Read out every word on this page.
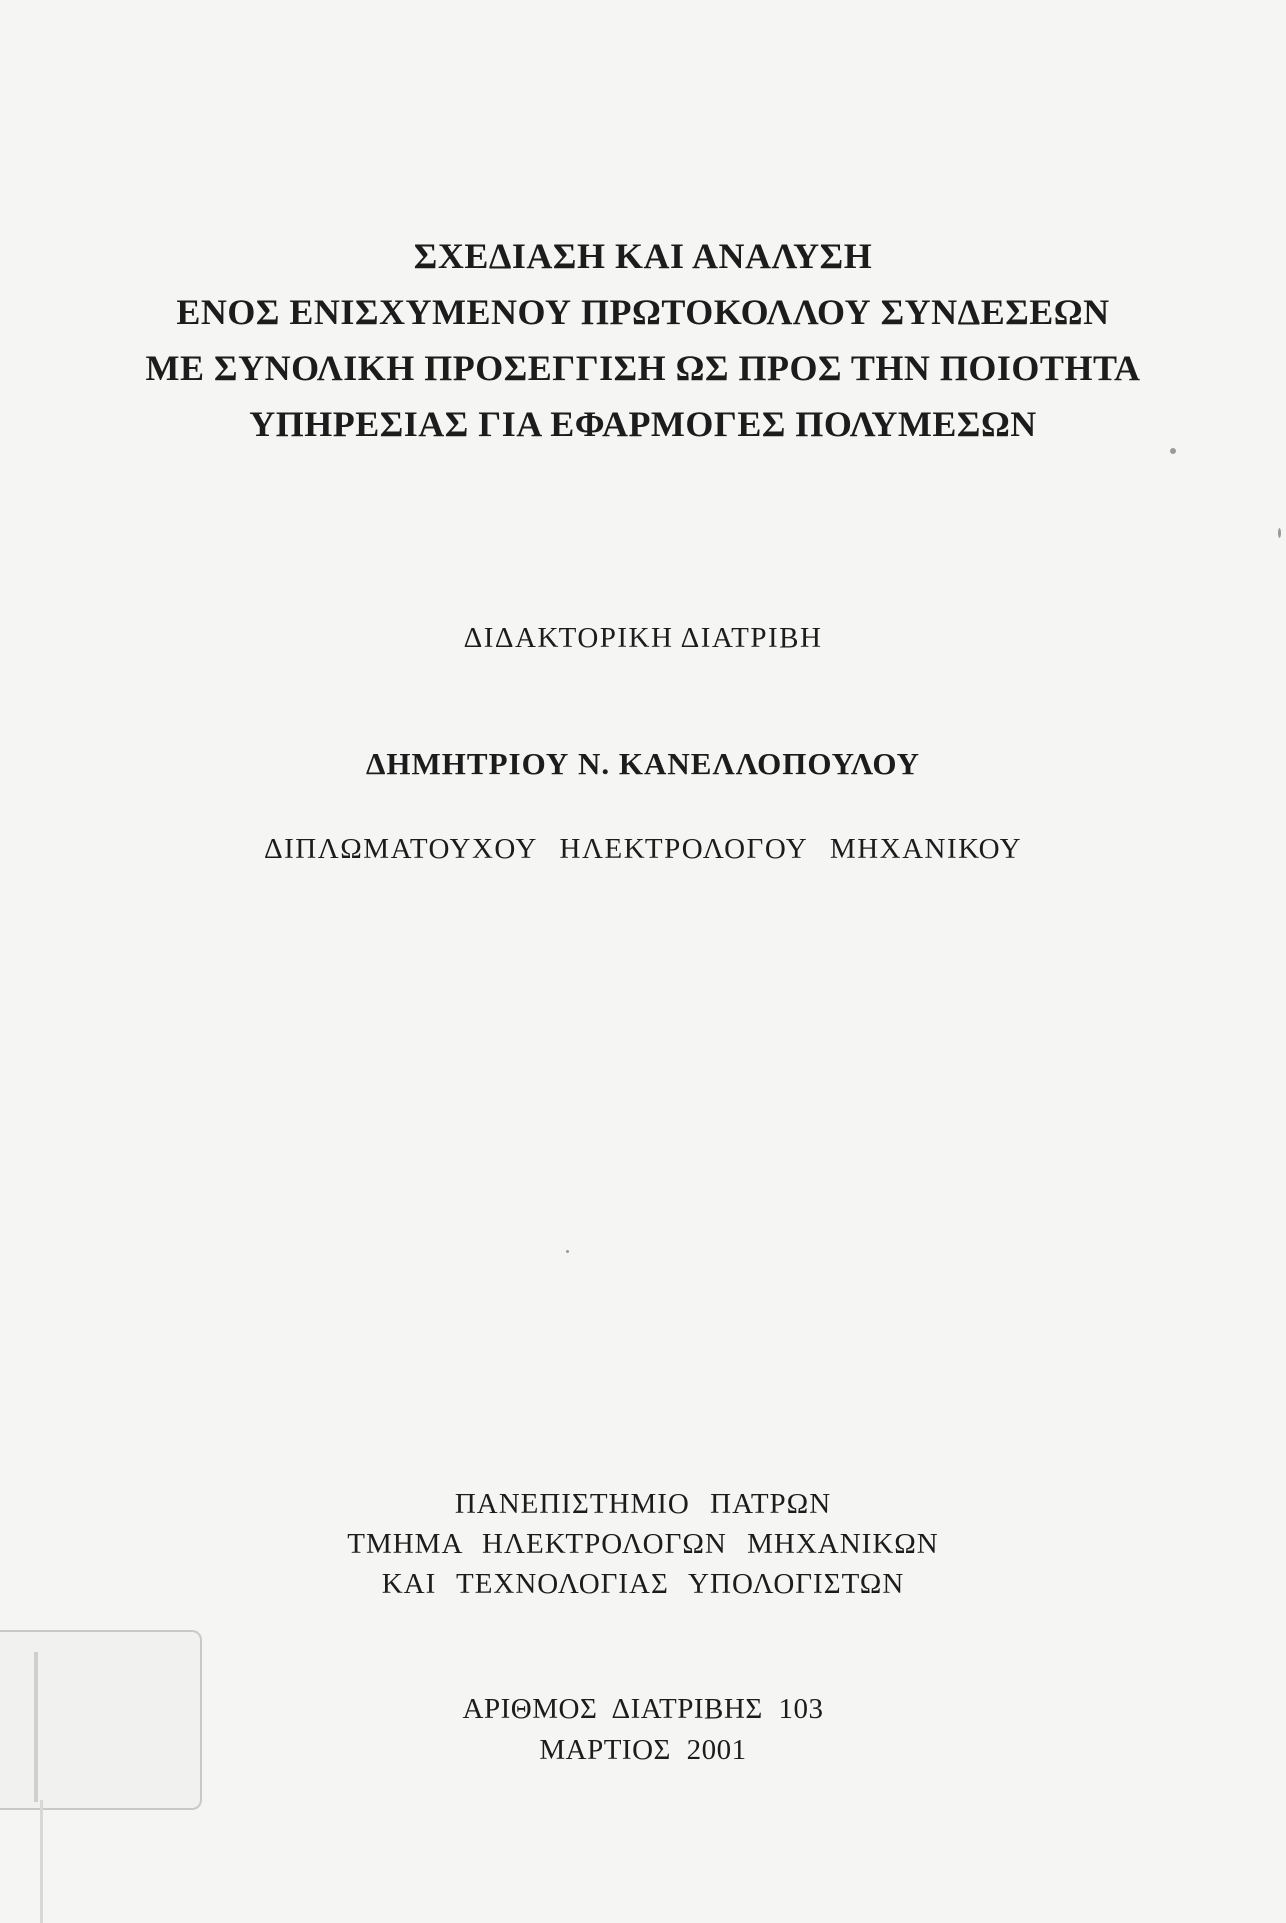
ΣΧΕΔΙΑΣΗ ΚΑΙ ΑΝΑΛΥΣΗ
ΕΝΟΣ ΕΝΙΣΧΥΜΕΝΟΥ ΠΡΩΤΟΚΟΛΛΟΥ ΣΥΝΔΕΣΕΩΝ
ΜΕ ΣΥΝΟΛΙΚΗ ΠΡΟΣΕΓΓΙΣΗ ΩΣ ΠΡΟΣ ΤΗΝ ΠΟΙΟΤΗΤΑ
ΥΠΗΡΕΣΙΑΣ ΓΙΑ ΕΦΑΡΜΟΓΕΣ ΠΟΛΥΜΕΣΩΝ
ΔΙΔΑΚΤΟΡΙΚΗ ΔΙΑΤΡΙΒΗ
ΔΗΜΗΤΡΙΟΥ Ν. ΚΑΝΕΛΛΟΠΟΥΛΟΥ
ΔΙΠΛΩΜΑΤΟΥΧΟΥ ΗΛΕΚΤΡΟΛΟΓΟΥ ΜΗΧΑΝΙΚΟΥ
ΠΑΝΕΠΙΣΤΗΜΙΟ ΠΑΤΡΩΝ
ΤΜΗΜΑ ΗΛΕΚΤΡΟΛΟΓΩΝ ΜΗΧΑΝΙΚΩΝ
ΚΑΙ ΤΕΧΝΟΛΟΓΙΑΣ ΥΠΟΛΟΓΙΣΤΩΝ
ΑΡΙΘΜΟΣ ΔΙΑΤΡΙΒΗΣ 103
ΜΑΡΤΙΟΣ 2001
